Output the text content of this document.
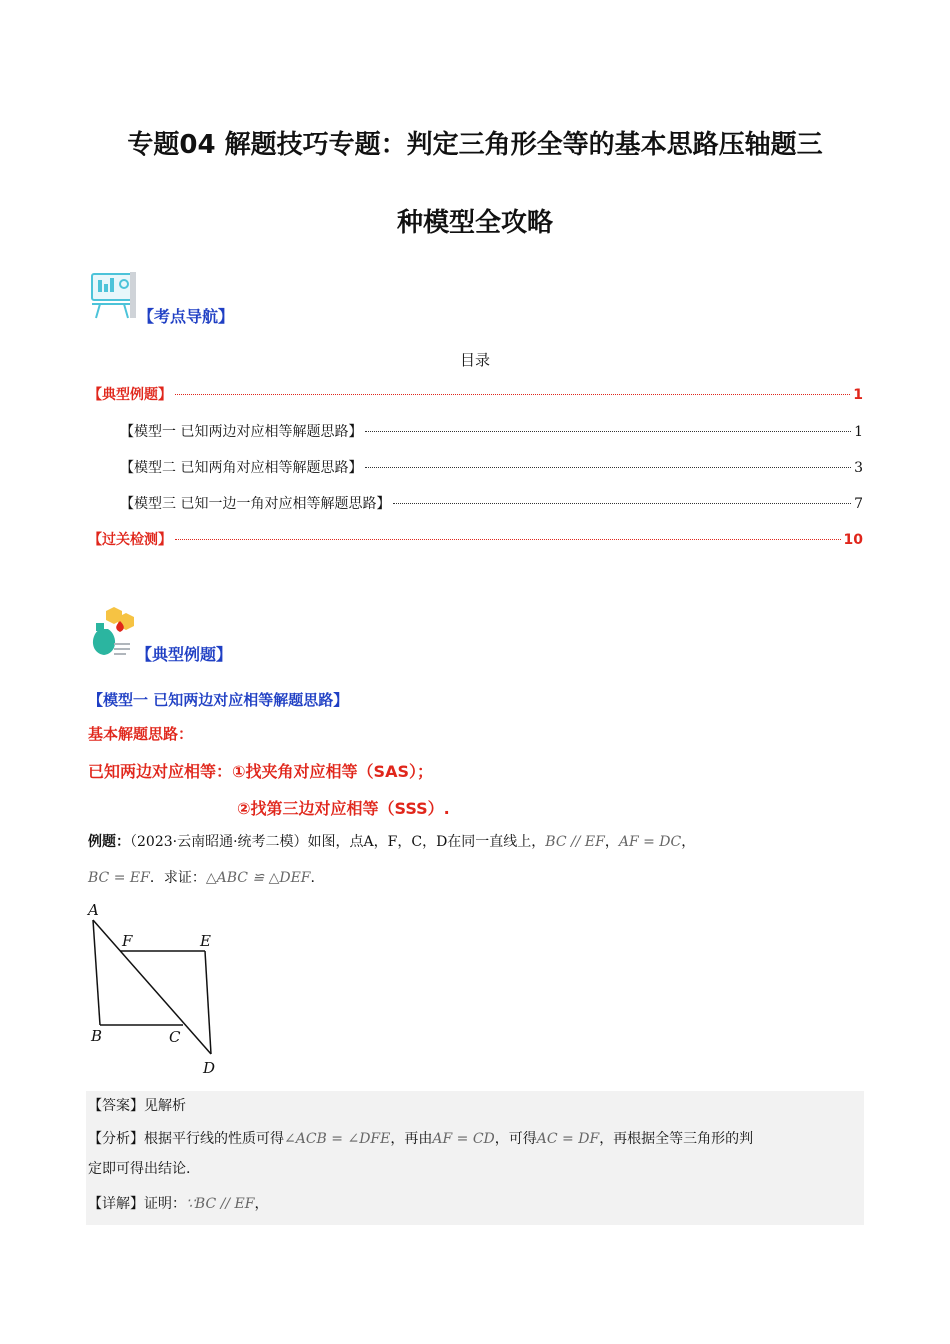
专题04 解题技巧专题：判定三角形全等的基本思路压轴题三
种模型全攻略
【考点导航】
目录
【典型例题】	1
【模型一 已知两边对应相等解题思路】	1
【模型二 已知两角对应相等解题思路】	3
【模型三 已知一边一角对应相等解题思路】	7
【过关检测】	10
【典型例题】
【模型一 已知两边对应相等解题思路】
基本解题思路：
已知两边对应相等：①找夹角对应相等（SAS）；
②找第三边对应相等（SSS）.
例题：（2023·云南昭通·统考二模）如图，点A，F，C，D在同一直线上，BC // EF，AF = DC，
BC = EF．求证：△ABC ≌ △DEF.
A
F	E
B	C
D
【答案】见解析
【分析】根据平行线的性质可得∠ACB = ∠DFE，再由AF = CD，可得AC = DF，再根据全等三角形的判
定即可得出结论.
【详解】证明：∵BC // EF，
